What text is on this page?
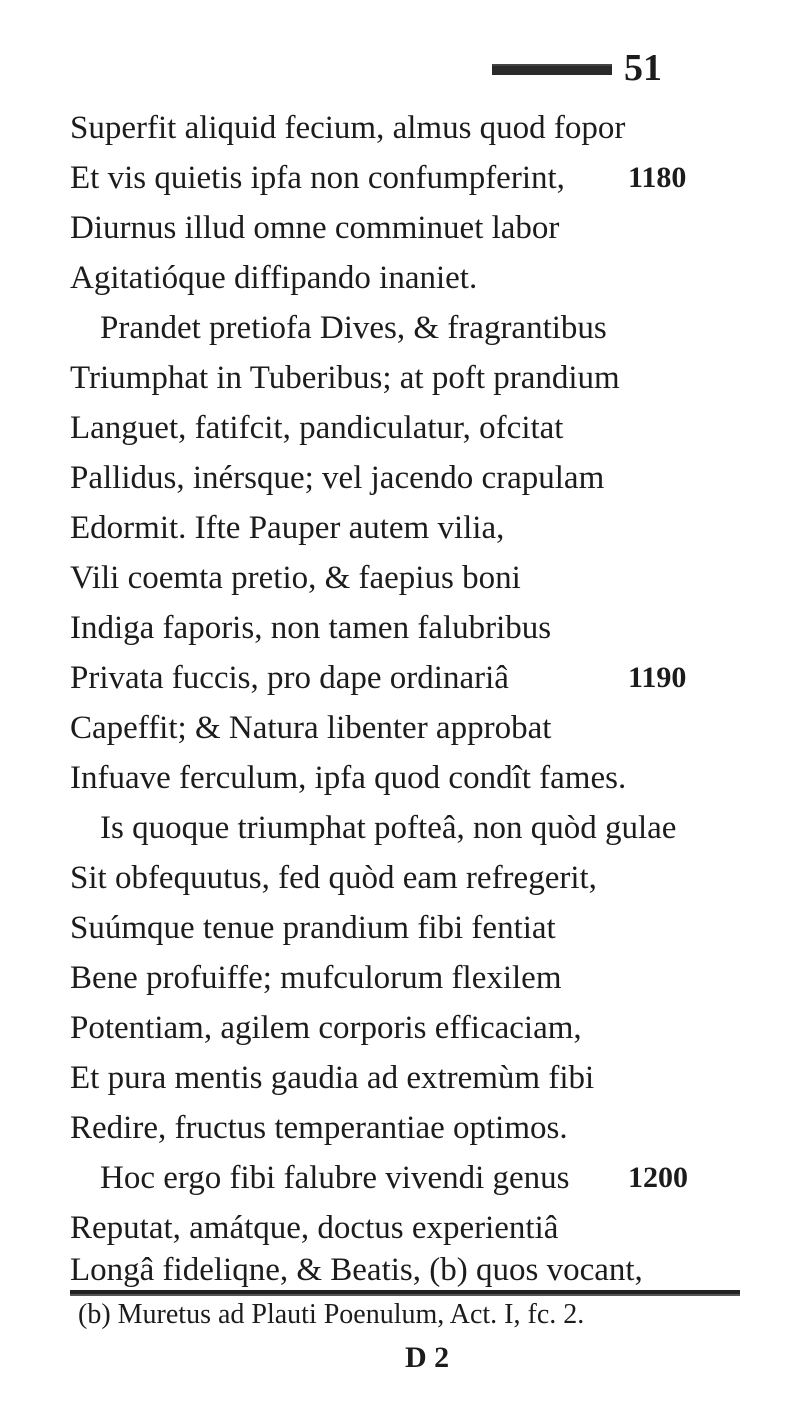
51
Superfit aliquid fecium, almus quod fopor
Et vis quietis ipfa non confumpferint,	1180
Diurnus illud omne comminuet labor
Agitatióque diffipando inaniet.
Prandet pretiofa Dives, & fragrantibus
Triumphat in Tuberibus; at poft prandium
Languet, fatifcit, pandiculatur, ofcitat
Pallidus, inérsque; vel jacendo crapulam
Edormit. Ifte Pauper autem vilia,
Vili coemta pretio, & faepius boni
Indiga faporis, non tamen falubribus
Privata fuccis, pro dape ordinariâ	1190
Capeffit; & Natura libenter approbat
Infuave ferculum, ipfa quod condît fames.
Is quoque triumphat pofteâ, non quòd gulae
Sit obfequutus, fed quòd eam refregerit,
Suúmque tenue prandium fibi fentiat
Bene profuiffe; mufculorum flexilem
Potentiam, agilem corporis efficaciam,
Et pura mentis gaudia ad extremùm fibi
Redire, fructus temperantiae optimos.
Hoc ergo fibi falubre vivendi genus	1200
Reputat, amátque, doctus experientiâ
Longâ fideliqne, & Beatis, (b) quos vocant,
(b) Muretus ad Plauti Poenulum, Act. I, fc. 2.
D 2
